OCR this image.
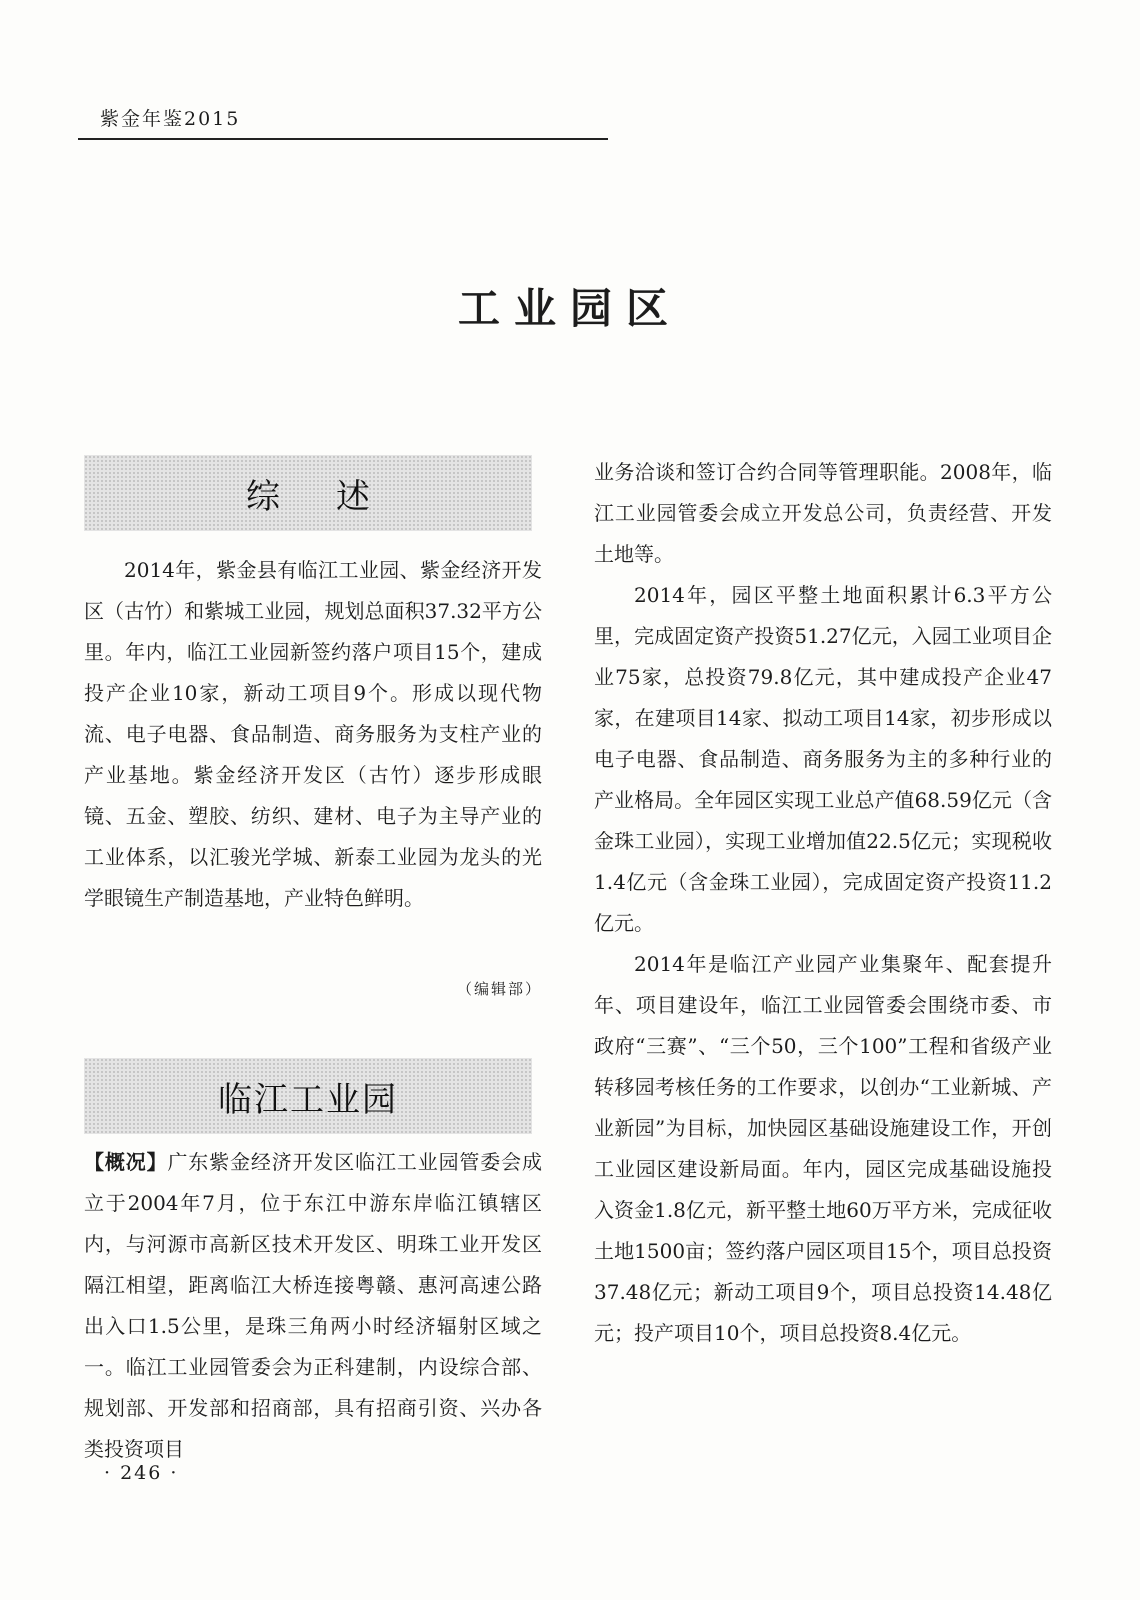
紫金年鉴2015
工业园区
综述

2014年，紫金县有临江工业园、紫金经济开发区（古竹）和紫城工业园，规划总面积37.32平方公里。年内，临江工业园新签约落户项目15个，建成投产企业10家，新动工项目9个。形成以现代物流、电子电器、食品制造、商务服务为支柱产业的产业基地。紫金经济开发区（古竹）逐步形成眼镜、五金、塑胶、纺织、建材、电子为主导产业的工业体系，以汇骏光学城、新泰工业园为龙头的光学眼镜生产制造基地，产业特色鲜明。

（编辑部）
临江工业园

【概况】广东紫金经济开发区临江工业园管委会成立于2004年7月，位于东江中游东岸临江镇辖区内，与河源市高新区技术开发区、明珠工业开发区隔江相望，距离临江大桥连接粤赣、惠河高速公路出入口1.5公里，是珠三角两小时经济辐射区域之一。临江工业园管委会为正科建制，内设综合部、规划部、开发部和招商部，具有招商引资、兴办各类投资项目

业务洽谈和签订合约合同等管理职能。2008年，临江工业园管委会成立开发总公司，负责经营、开发土地等。

2014年，园区平整土地面积累计6.3平方公里，完成固定资产投资51.27亿元，入园工业项目企业75家，总投资79.8亿元，其中建成投产企业47家，在建项目14家、拟动工项目14家，初步形成以电子电器、食品制造、商务服务为主的多种行业的产业格局。全年园区实现工业总产值68.59亿元（含金珠工业园），实现工业增加值22.5亿元；实现税收1.4亿元（含金珠工业园），完成固定资产投资11.2亿元。

2014年是临江产业园产业集聚年、配套提升年、项目建设年，临江工业园管委会围绕市委、市政府“三赛”、“三个50，三个100”工程和省级产业转移园考核任务的工作要求，以创办“工业新城、产业新园”为目标，加快园区基础设施建设工作，开创工业园区建设新局面。年内，园区完成基础设施投入资金1.8亿元，新平整土地60万平方米，完成征收土地1500亩；签约落户园区项目15个，项目总投资37.48亿元；新动工项目9个，项目总投资14.48亿元；投产项目10个，项目总投资8.4亿元。

· 246 ·
